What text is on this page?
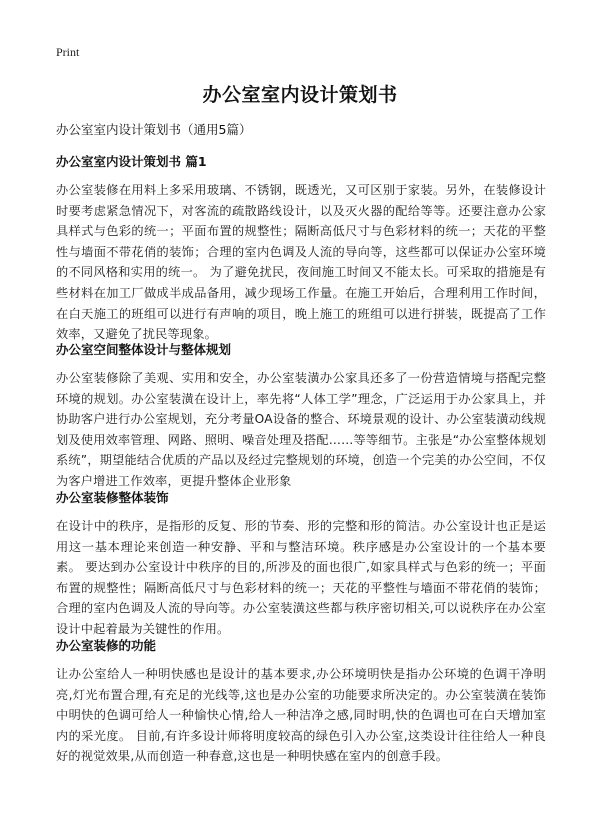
Print
办公室室内设计策划书
办公室室内设计策划书（通用5篇）
办公室室内设计策划书 篇1

办公室装修在用料上多采用玻璃、不锈钢，既透光，又可区别于家装。另外，在装修设计时要考虑紧急情况下，对客流的疏散路线设计，以及灭火器的配给等等。还要注意办公家具样式与色彩的统一；平面布置的规整性；隔断高低尺寸与色彩材料的统一；天花的平整性与墙面不带花俏的装饰；合理的室内色调及人流的导向等，这些都可以保证办公室环境的不同风格和实用的统一。 为了避免扰民，夜间施工时间又不能太长。可采取的措施是有些材料在加工厂做成半成品备用，减少现场工作量。在施工开始后，合理利用工作时间，在白天施工的班组可以进行有声响的项目，晚上施工的班组可以进行拼装，既提高了工作效率，又避免了扰民等现象。

办公室空间整体设计与整体规划

办公室装修除了美观、实用和安全，办公室装潢办公家具还多了一份营造情境与搭配完整环境的规划。办公室装潢在设计上，率先将“人体工学”理念，广泛运用于办公家具上，并协助客户进行办公室规划，充分考量OA设备的整合、环境景观的设计、办公室装潢动线规划及使用效率管理、网路、照明、噪音处理及搭配……等等细节。主张是“办公室整体规划系统”，期望能结合优质的产品以及经过完整规划的环境，创造一个完美的办公空间，不仅为客户增进工作效率，更提升整体企业形象

办公室装修整体装饰

在设计中的秩序，是指形的反复、形的节奏、形的完整和形的简洁。办公室设计也正是运用这一基本理论来创造一种安静、平和与整洁环境。秩序感是办公室设计的一个基本要素。 要达到办公室设计中秩序的目的,所涉及的面也很广,如家具样式与色彩的统一；平面布置的规整性；隔断高低尺寸与色彩材料的统一；天花的平整性与墙面不带花俏的装饰；合理的室内色调及人流的导向等。办公室装潢这些都与秩序密切相关,可以说秩序在办公室设计中起着最为关键性的作用。

办公室装修的功能

让办公室给人一种明快感也是设计的基本要求,办公环境明快是指办公环境的色调干净明亮,灯光布置合理,有充足的光线等,这也是办公室的功能要求所决定的。办公室装潢在装饰中明快的色调可给人一种愉快心情,给人一种洁净之感,同时明,快的色调也可在白天增加室内的采光度。 目前,有许多设计师将明度较高的绿色引入办公室,这类设计往往给人一种良好的视觉效果,从而创造一种春意,这也是一种明快感在室内的创意手段。
